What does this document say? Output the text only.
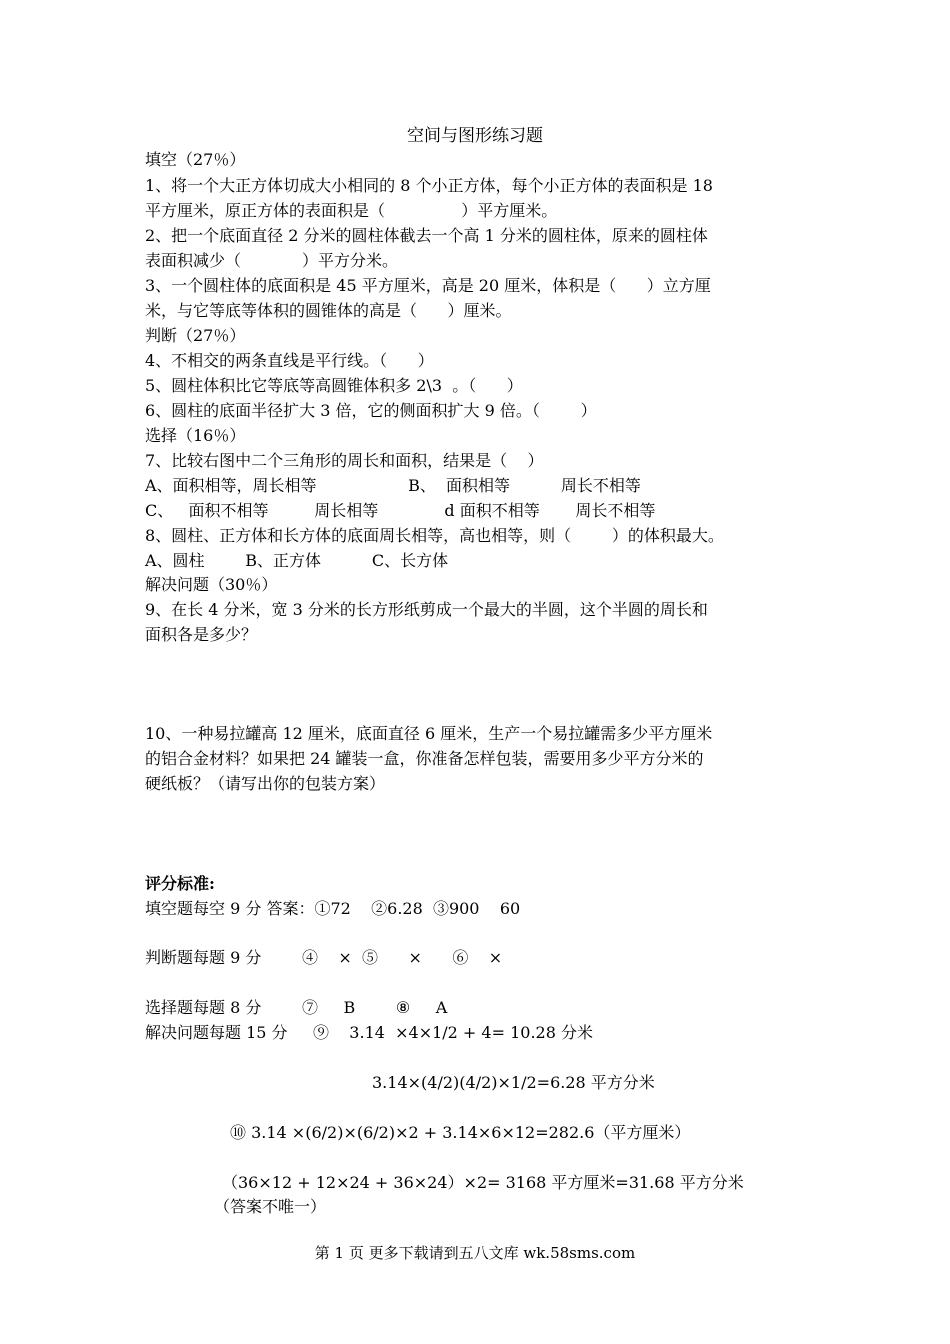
空间与图形练习题
填空（27％）
1、将一个大正方体切成大小相同的 8 个小正方体，每个小正方体的表面积是 18
平方厘米，原正方体的表面积是（               ）平方厘米。
2、把一个底面直径 2 分米的圆柱体截去一个高 1 分米的圆柱体，原来的圆柱体
表面积减少（            ）平方分米。
3、一个圆柱体的底面积是 45 平方厘米，高是 20 厘米，体积是（      ）立方厘
米，与它等底等体积的圆锥体的高是（      ）厘米。
判断（27％）
4、不相交的两条直线是平行线。（      ）
5、圆柱体积比它等底等高圆锥体积多 2\3  。（      ）
6、圆柱的底面半径扩大 3 倍，它的侧面积扩大 9 倍。（        ）
选择（16％）
7、比较右图中二个三角形的周长和面积，结果是（    ）
A、面积相等，周长相等                  B、  面积相等          周长不相等
C、   面积不相等         周长相等             d 面积不相等       周长不相等
8、圆柱、正方体和长方体的底面周长相等，高也相等，则（        ）的体积最大。
A、圆柱        B、正方体          C、长方体
解决问题（30％）
9、在长 4 分米，宽 3 分米的长方形纸剪成一个最大的半圆，这个半圆的周长和
面积各是多少？
10、一种易拉罐高 12 厘米，底面直径 6 厘米，生产一个易拉罐需多少平方厘米
的铝合金材料？如果把 24 罐装一盒，你准备怎样包装，需要用多少平方分米的
硬纸板？（请写出你的包装方案）
评分标准:
填空题每空 9 分 答案：①72    ②6.28  ③900    60
判断题每题 9 分        ④    ×  ⑤      ×      ⑥    ×
选择题每题 8 分        ⑦     B        ⑧     A
解决问题每题 15 分     ⑨    3.14  ×4×1/2 + 4= 10.28 分米
3.14×(4/2)(4/2)×1/2=6.28 平方分米
⑩ 3.14 ×(6/2)×(6/2)×2 + 3.14×6×12=282.6（平方厘米）
（36×12 + 12×24 + 36×24）×2= 3168 平方厘米=31.68 平方分米
（答案不唯一）
第 1 页 更多下载请到五八文库 wk.58sms.com
